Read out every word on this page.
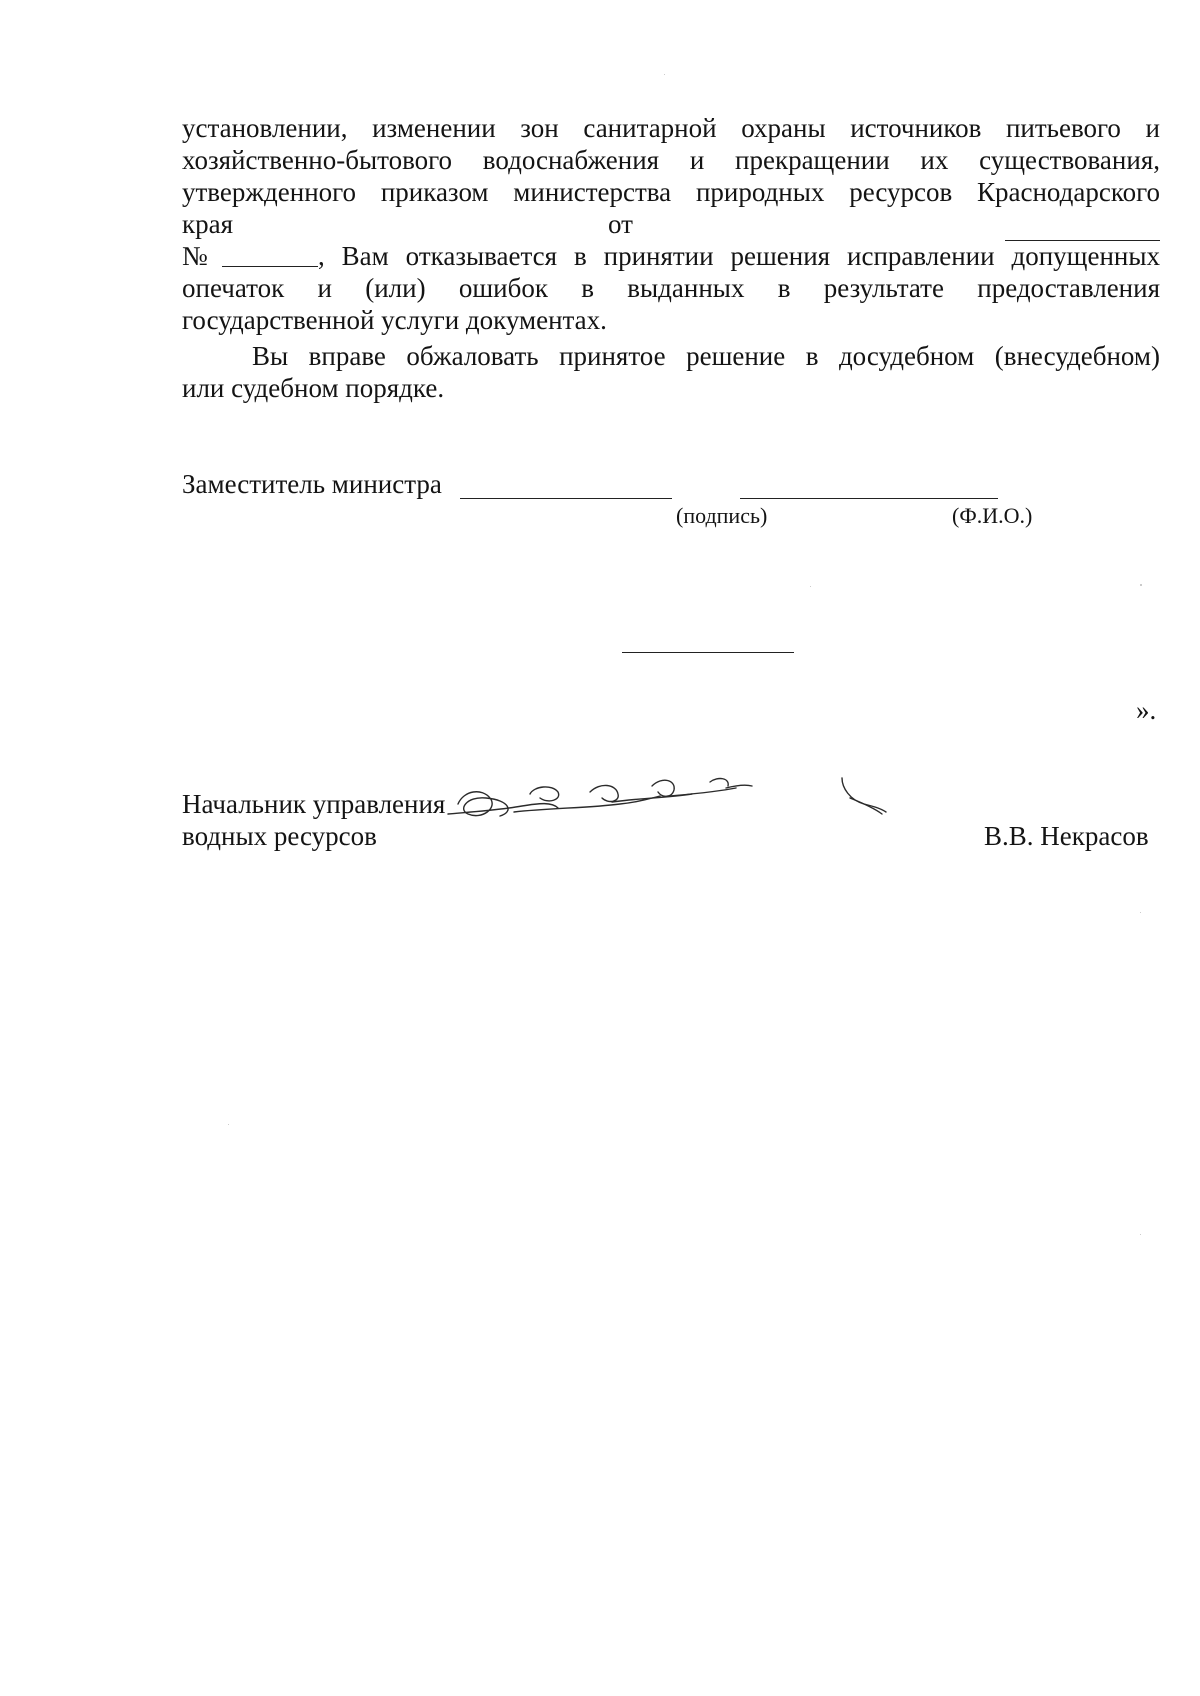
установлении, изменении зон санитарной охраны источников питьевого и
хозяйственно-бытового водоснабжения и прекращении их существования,
утвержденного приказом министерства природных ресурсов Краснодарского
края	от
№	, Вам отказывается в принятии решения исправлении допущенных
опечаток и (или) ошибок в выданных в результате предоставления
государственной услуги документах.
Вы вправе обжаловать принятое решение в досудебном (внесудебном)
или судебном порядке.
Заместитель министра
(подпись)	(Ф.И.О.)
».
Начальник управления
водных ресурсов	В.В. Некрасов
